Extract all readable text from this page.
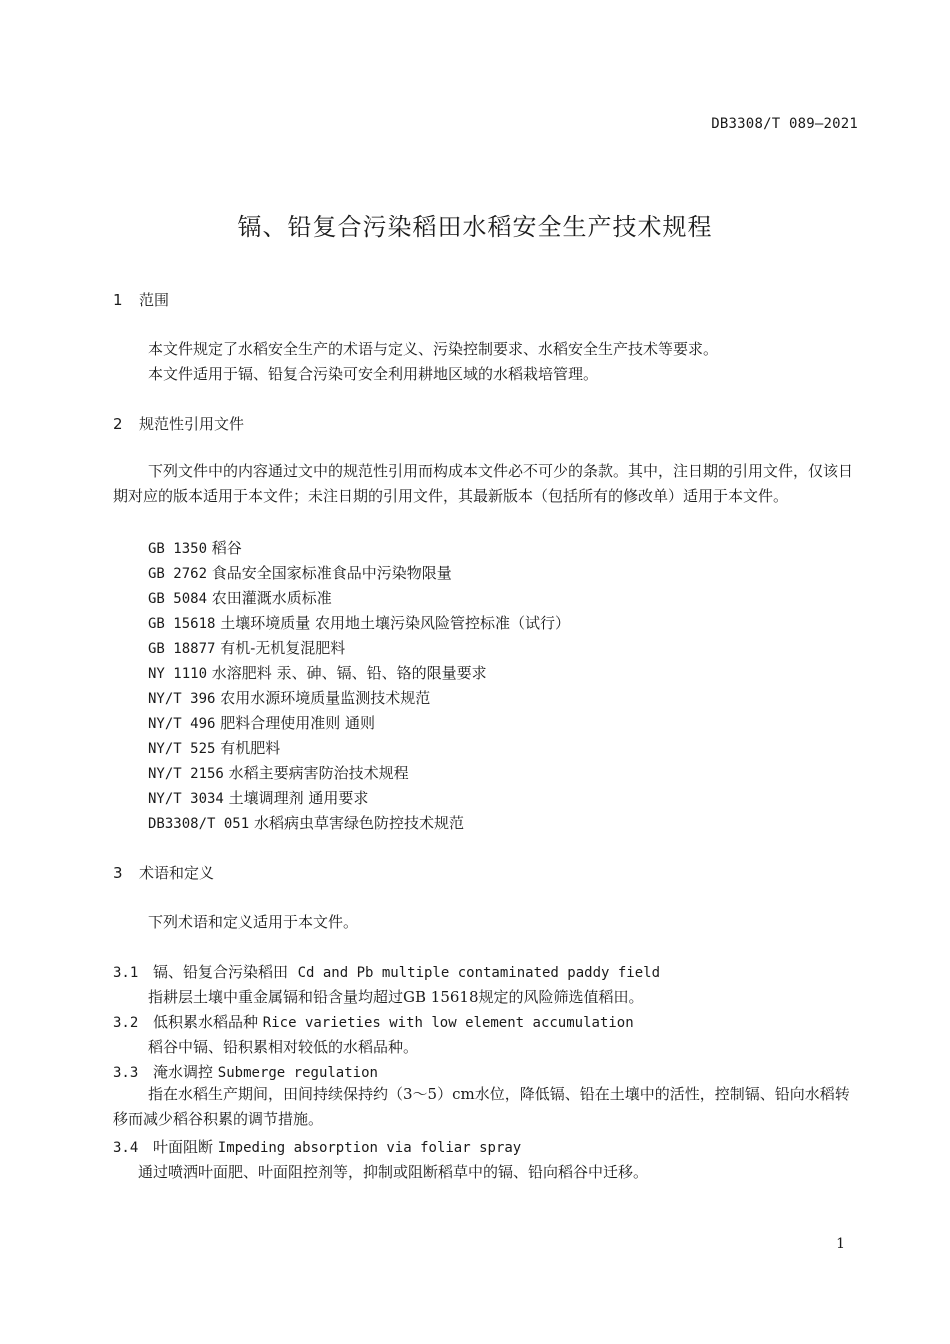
DB3308/T 089—2021
镉、铅复合污染稻田水稻安全生产技术规程
1 范围
本文件规定了水稻安全生产的术语与定义、污染控制要求、水稻安全生产技术等要求。
本文件适用于镉、铅复合污染可安全利用耕地区域的水稻栽培管理。
2 规范性引用文件
下列文件中的内容通过文中的规范性引用而构成本文件必不可少的条款。其中，注日期的引用文件，仅该日期对应的版本适用于本文件；未注日期的引用文件，其最新版本（包括所有的修改单）适用于本文件。
GB 1350 稻谷
GB 2762 食品安全国家标准食品中污染物限量
GB 5084 农田灌溉水质标准
GB 15618 土壤环境质量 农用地土壤污染风险管控标准（试行）
GB 18877 有机-无机复混肥料
NY 1110 水溶肥料 汞、砷、镉、铅、铬的限量要求
NY/T 396 农用水源环境质量监测技术规范
NY/T 496 肥料合理使用准则 通则
NY/T 525 有机肥料
NY/T 2156 水稻主要病害防治技术规程
NY/T 3034 土壤调理剂 通用要求
DB3308/T 051 水稻病虫草害绿色防控技术规范
3 术语和定义
下列术语和定义适用于本文件。
3.1 镉、铅复合污染稻田 Cd and Pb multiple contaminated paddy field
指耕层土壤中重金属镉和铅含量均超过GB 15618规定的风险筛选值稻田。
3.2 低积累水稻品种 Rice varieties with low element accumulation
稻谷中镉、铅积累相对较低的水稻品种。
3.3 淹水调控 Submerge regulation
指在水稻生产期间，田间持续保持约（3～5）cm水位，降低镉、铅在土壤中的活性，控制镉、铅向水稻转移而减少稻谷积累的调节措施。
3.4 叶面阻断 Impeding absorption via foliar spray
通过喷洒叶面肥、叶面阻控剂等，抑制或阻断稻草中的镉、铅向稻谷中迁移。
1
